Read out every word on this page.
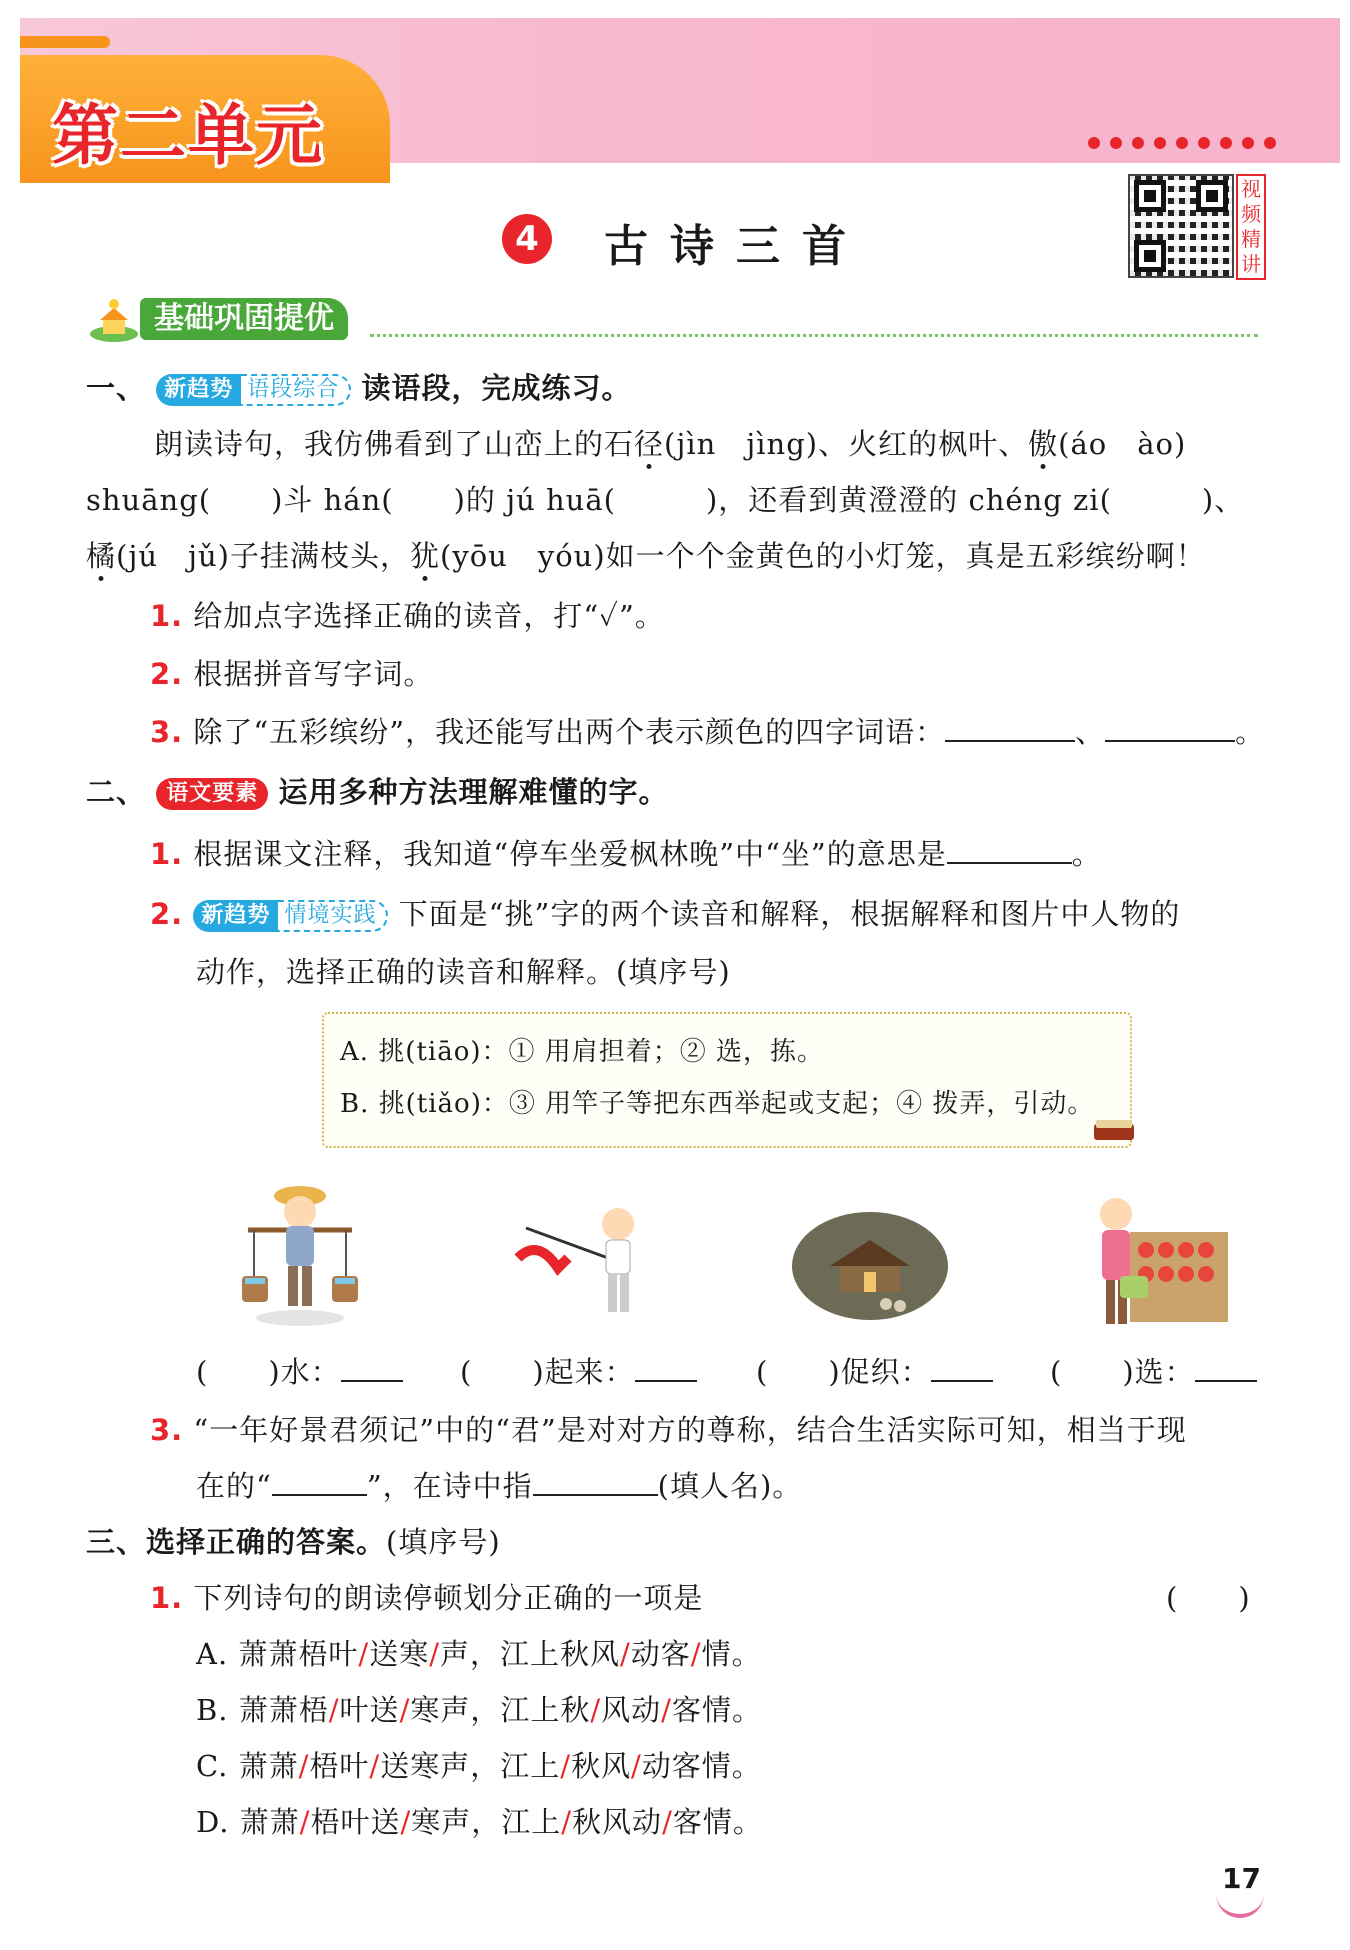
第二单元
4 古诗三首
视
频
精
讲
基础巩固提优
一、 新趋势 语段综合 读语段，完成练习。
朗读诗句，我仿佛看到了山峦上的石径(jìn　jìng)、火红的枫叶、傲(áo　ào)
shuāng(　　)斗 hán(　　)的 jú huā(　　　)，还看到黄澄澄的 chéng zi(　　　)、
橘(jú　jǔ)子挂满枝头，犹(yōu　yóu)如一个个金黄色的小灯笼，真是五彩缤纷啊！
1. 给加点字选择正确的读音，打“✓”。
2. 根据拼音写字词。
3. 除了“五彩缤纷”，我还能写出两个表示颜色的四字词语：	、	。
二、 语文要素 运用多种方法理解难懂的字。
1. 根据课文注释，我知道“停车坐爱枫林晚”中“坐”的意思是	。
2. 新趋势 情境实践 下面是“挑”字的两个读音和解释，根据解释和图片中人物的
动作，选择正确的读音和解释。(填序号)
A. 挑(tiāo)：① 用肩担着；② 选，拣。
B. 挑(tiǎo)：③ 用竿子等把东西举起或支起；④ 拨弄，引动。
(　　)水：	(　　)起来：	(　　)促织：	(　　)选：
3. “一年好景君须记”中的“君”是对对方的尊称，结合生活实际可知，相当于现
在的“	”，在诗中指	(填人名)。
三、选择正确的答案。(填序号)
1. 下列诗句的朗读停顿划分正确的一项是	(　　)
A. 萧萧梧叶/送寒/声，江上秋风/动客/情。
B. 萧萧梧/叶送/寒声，江上秋/风动/客情。
C. 萧萧/梧叶/送寒声，江上/秋风/动客情。
D. 萧萧/梧叶送/寒声，江上/秋风动/客情。
17
